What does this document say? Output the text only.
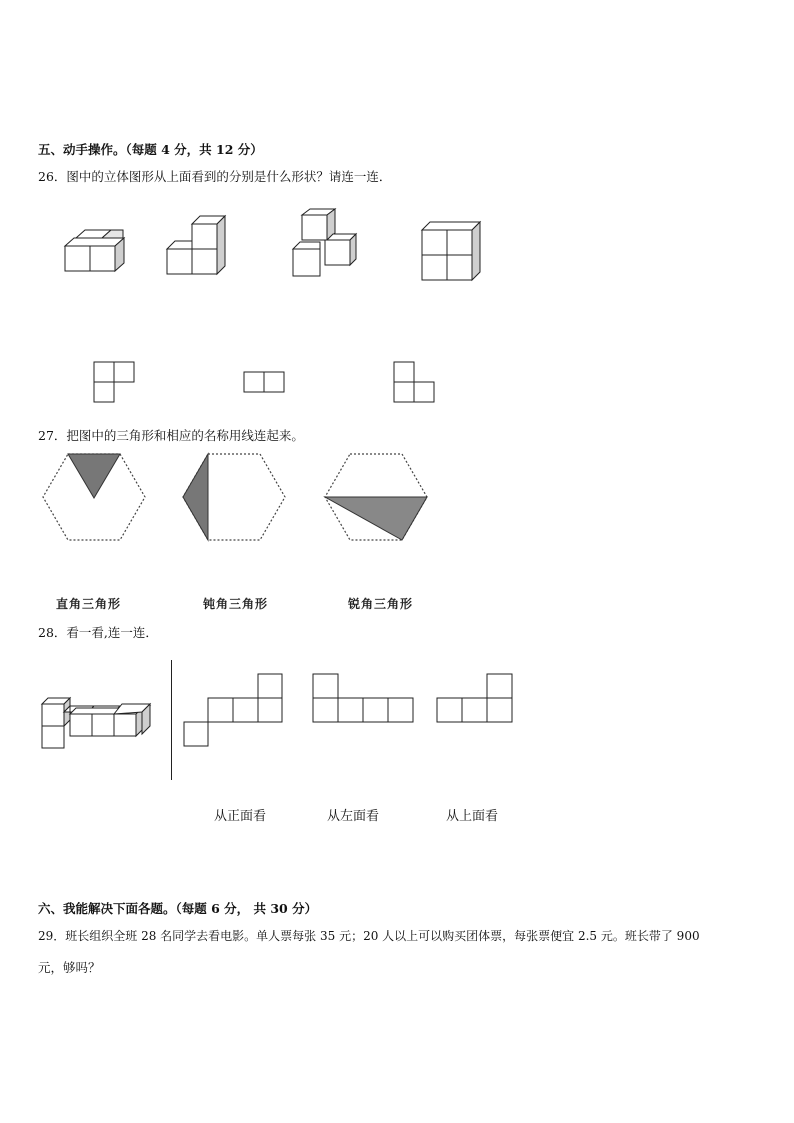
五、动手操作。（每题 4 分，共 12 分）
26．图中的立体图形从上面看到的分别是什么形状？请连一连．
27．把图中的三角形和相应的名称用线连起来。
直角三角形	钝角三角形	锐角三角形
28．看一看,连一连．
从正面看	从左面看	从上面看
六、我能解决下面各题。（每题 6 分， 共 30 分）
29．班长组织全班 28 名同学去看电影。单人票每张 35 元；20 人以上可以购买团体票，每张票便宜 2.5 元。班长带了 900
元，够吗？
